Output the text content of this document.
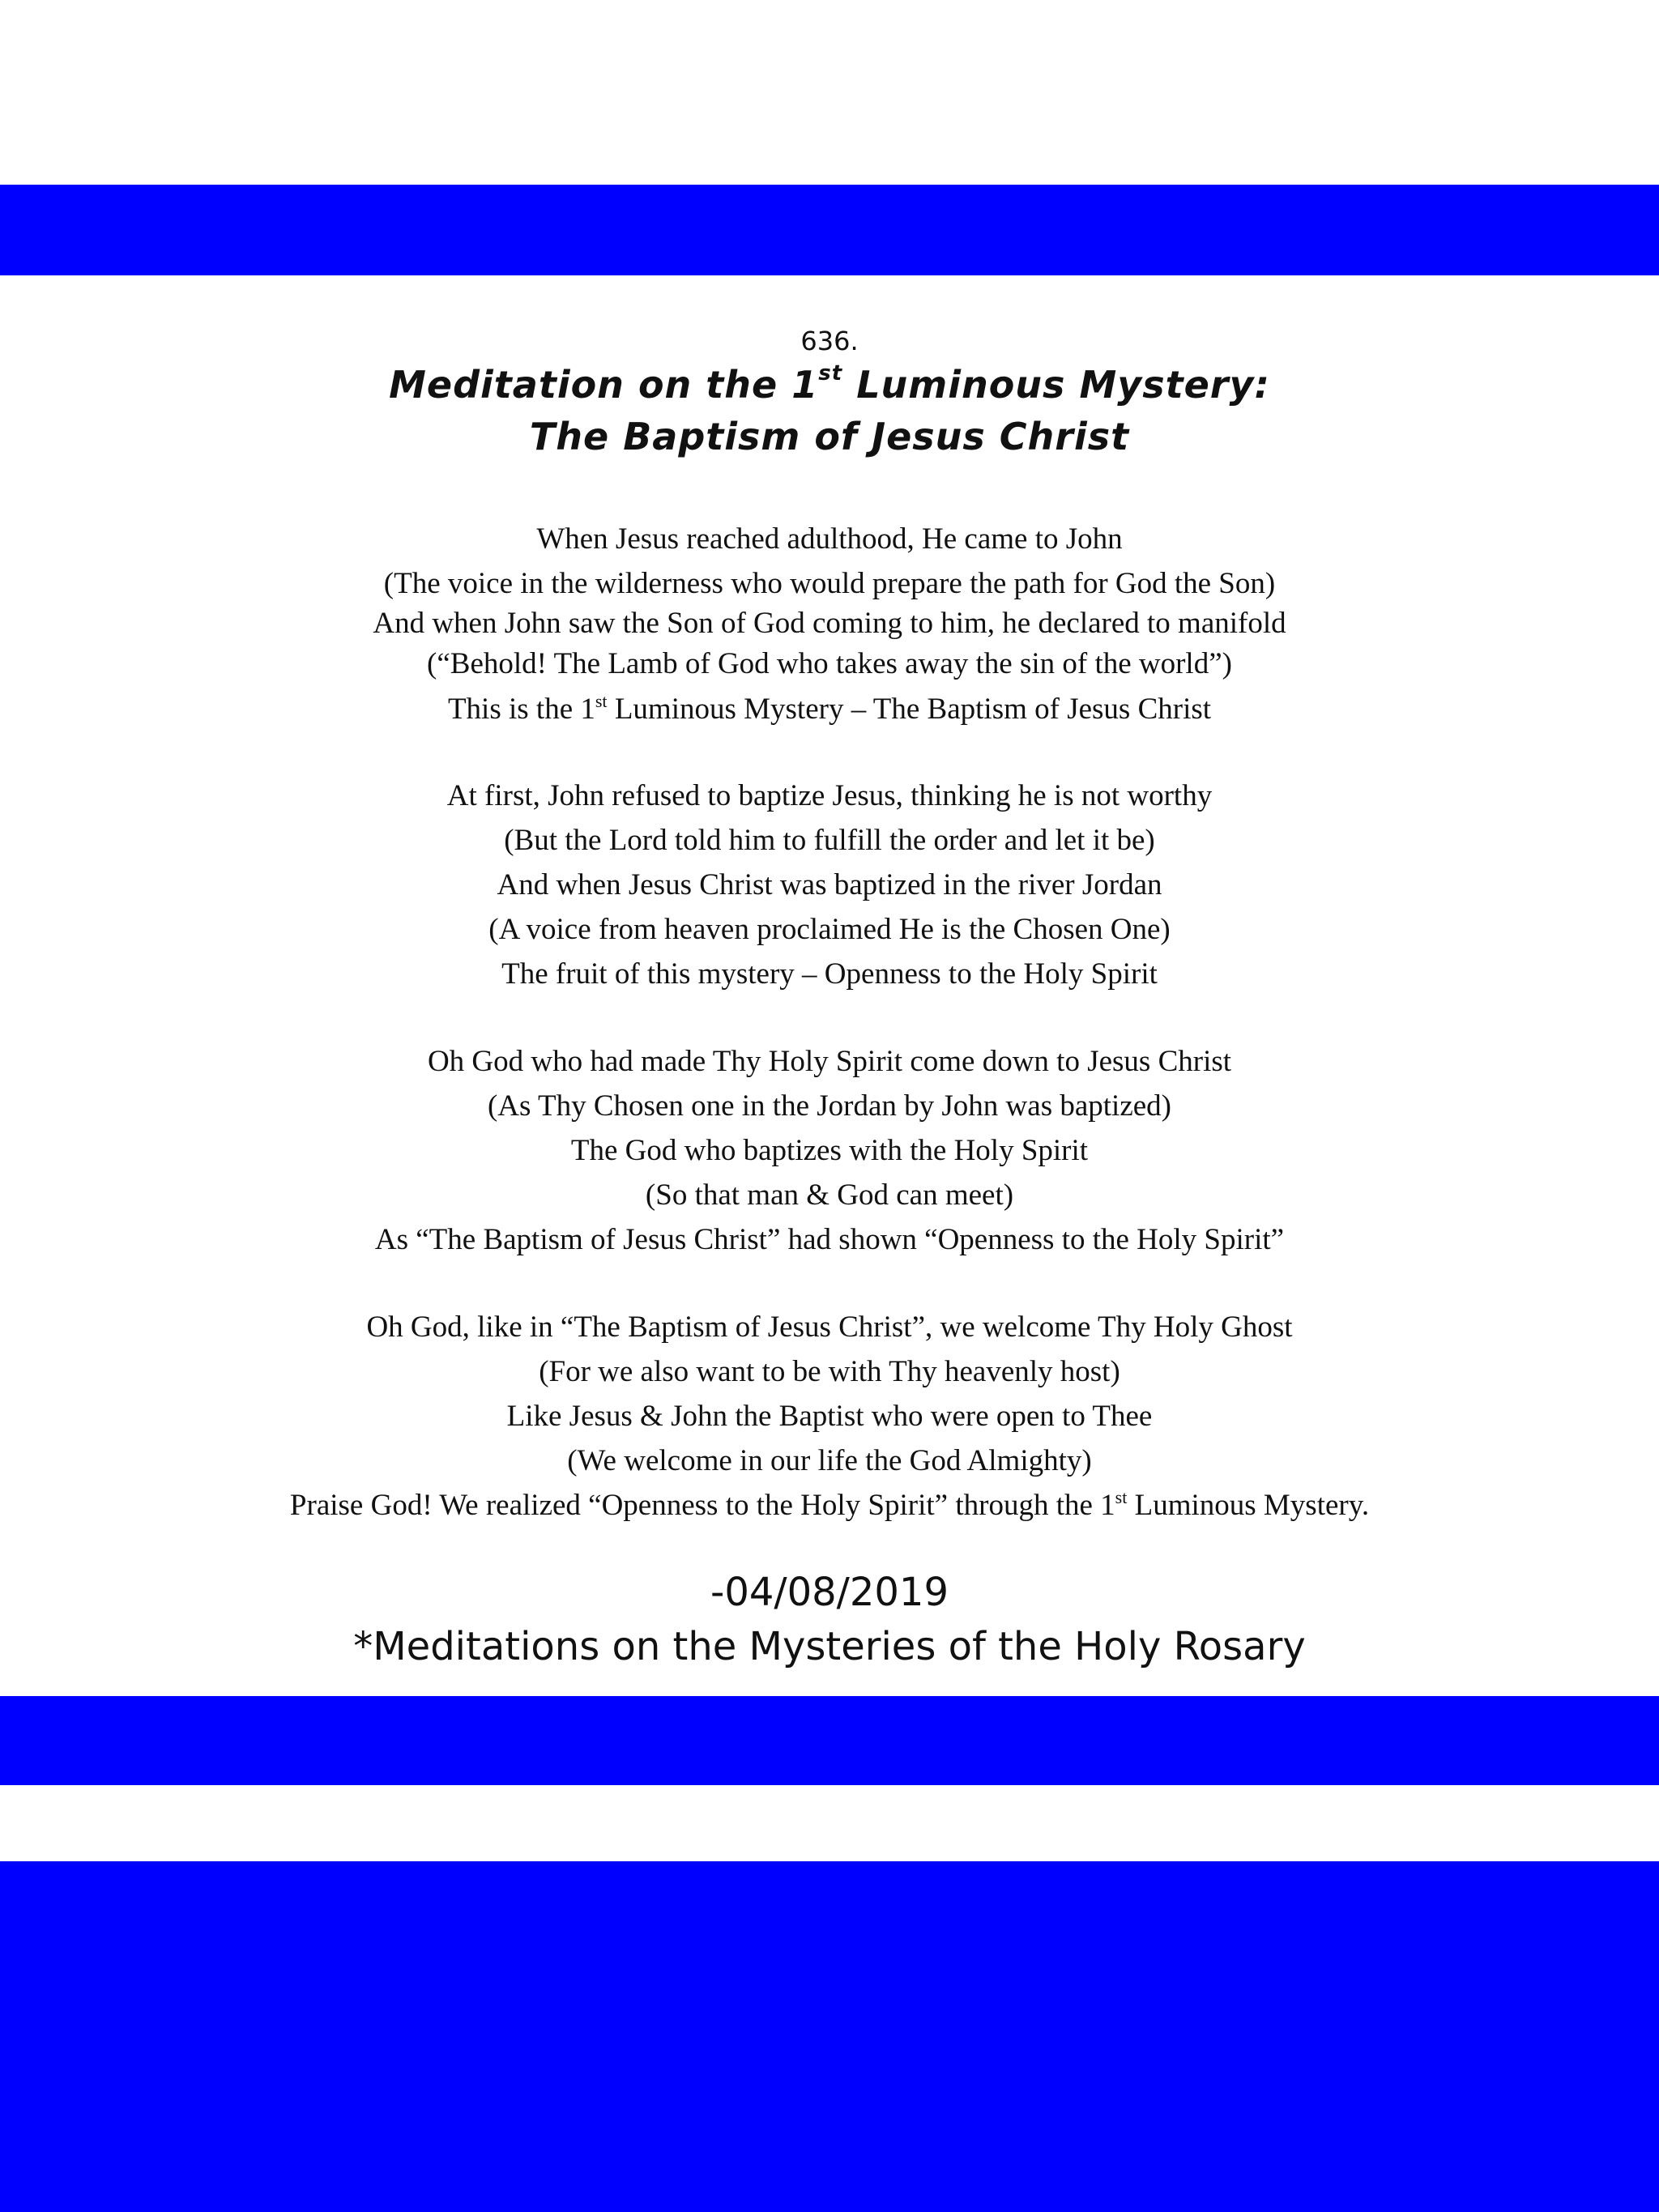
636.
Meditation on the 1st Luminous Mystery:
The Baptism of Jesus Christ
When Jesus reached adulthood, He came to John
(The voice in the wilderness who would prepare the path for God the Son)
And when John saw the Son of God coming to him, he declared to manifold
(“Behold! The Lamb of God who takes away the sin of the world”)
This is the 1st Luminous Mystery – The Baptism of Jesus Christ
At first, John refused to baptize Jesus, thinking he is not worthy
(But the Lord told him to fulfill the order and let it be)
And when Jesus Christ was baptized in the river Jordan
(A voice from heaven proclaimed He is the Chosen One)
The fruit of this mystery – Openness to the Holy Spirit
Oh God who had made Thy Holy Spirit come down to Jesus Christ
(As Thy Chosen one in the Jordan by John was baptized)
The God who baptizes with the Holy Spirit
(So that man & God can meet)
As “The Baptism of Jesus Christ” had shown “Openness to the Holy Spirit”
Oh God, like in “The Baptism of Jesus Christ”, we welcome Thy Holy Ghost
(For we also want to be with Thy heavenly host)
Like Jesus & John the Baptist who were open to Thee
(We welcome in our life the God Almighty)
Praise God! We realized “Openness to the Holy Spirit” through the 1st Luminous Mystery.
-04/08/2019
*Meditations on the Mysteries of the Holy Rosary
